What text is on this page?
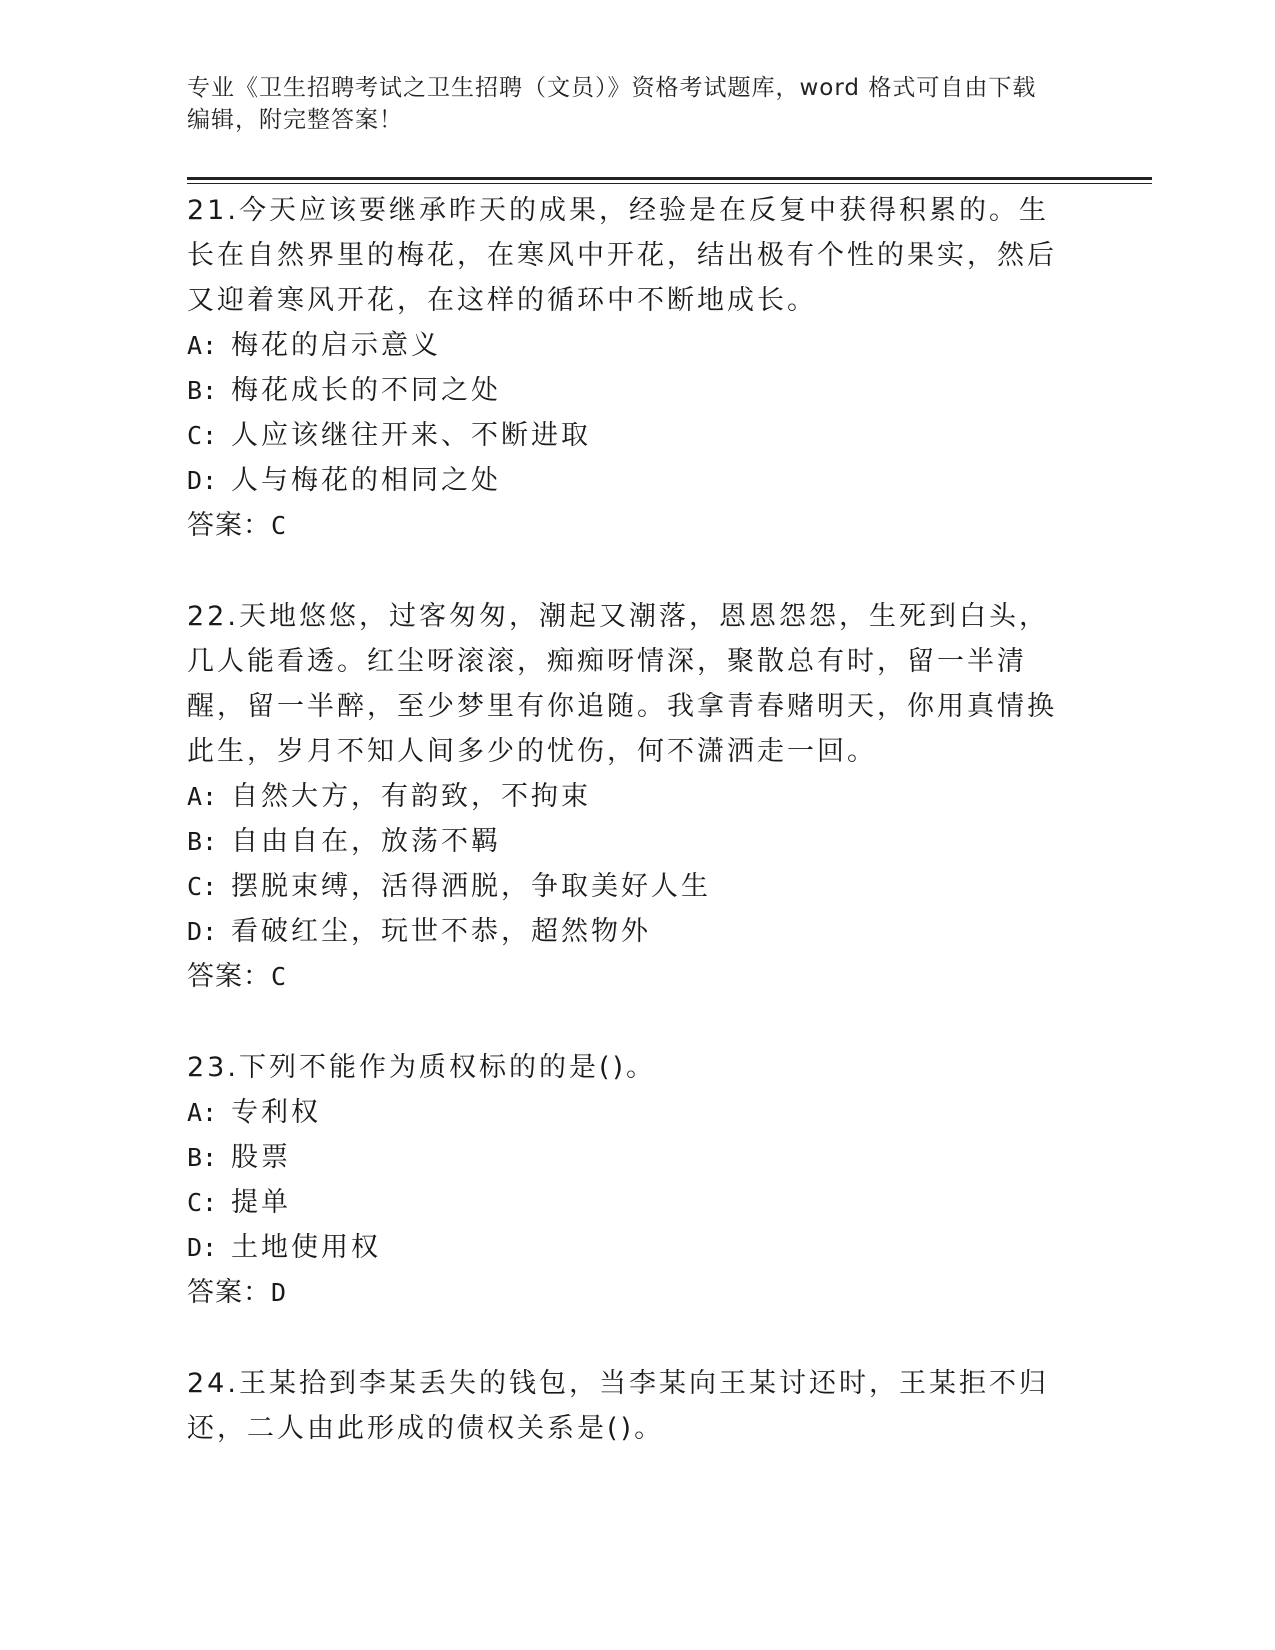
专业《卫生招聘考试之卫生招聘（文员）》资格考试题库，word 格式可自由下载
编辑，附完整答案！

21.今天应该要继承昨天的成果，经验是在反复中获得积累的。生长在自然界里的梅花，在寒风中开花，结出极有个性的果实，然后又迎着寒风开花，在这样的循环中不断地成长。

A: 梅花的启示意义
B: 梅花成长的不同之处
C: 人应该继往开来、不断进取
D: 人与梅花的相同之处
答案：C

22.天地悠悠，过客匆匆，潮起又潮落，恩恩怨怨，生死到白头，几人能看透。红尘呀滚滚，痴痴呀情深，聚散总有时，留一半清醒，留一半醉，至少梦里有你追随。我拿青春赌明天，你用真情换此生，岁月不知人间多少的忧伤，何不潇洒走一回。

A: 自然大方，有韵致，不拘束
B: 自由自在，放荡不羁
C: 摆脱束缚，活得洒脱，争取美好人生
D: 看破红尘，玩世不恭，超然物外
答案：C

23.下列不能作为质权标的的是()。

A: 专利权
B: 股票
C: 提单
D: 土地使用权
答案：D

24.王某拾到李某丢失的钱包，当李某向王某讨还时，王某拒不归还，二人由此形成的债权关系是()。
